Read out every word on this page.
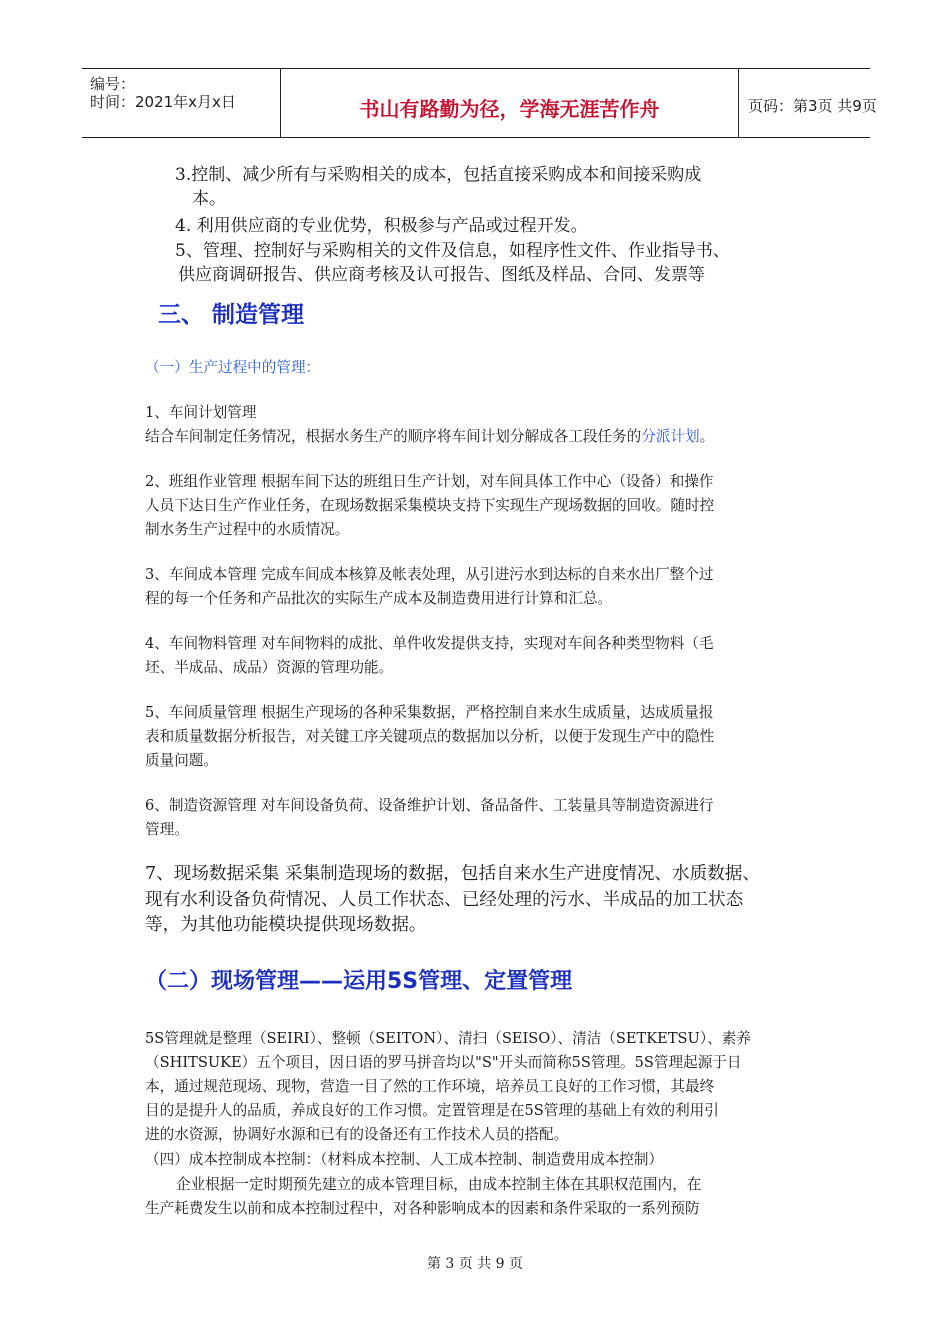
编号：
时间：2021年x月x日	书山有路勤为径，学海无涯苦作舟	页码：第3页 共9页
3.控制、减少所有与采购相关的成本，包括直接采购成本和间接采购成
本。
4. 利用供应商的专业优势，积极参与产品或过程开发。
5、管理、控制好与采购相关的文件及信息，如程序性文件、作业指导书、
供应商调研报告、供应商考核及认可报告、图纸及样品、合同、发票等
三、 制造管理
（一）生产过程中的管理：
1、车间计划管理
结合车间制定任务情况，根据水务生产的顺序将车间计划分解成各工段任务的分派计划。
2、班组作业管理 根据车间下达的班组日生产计划，对车间具体工作中心（设备）和操作
人员下达日生产作业任务，在现场数据采集模块支持下实现生产现场数据的回收。随时控
制水务生产过程中的水质情况。
3、车间成本管理 完成车间成本核算及帐表处理，从引进污水到达标的自来水出厂整个过
程的每一个任务和产品批次的实际生产成本及制造费用进行计算和汇总。
4、车间物料管理 对车间物料的成批、单件收发提供支持，实现对车间各种类型物料（毛
坯、半成品、成品）资源的管理功能。
5、车间质量管理 根据生产现场的各种采集数据，严格控制自来水生成质量，达成质量报
表和质量数据分析报告，对关键工序关键项点的数据加以分析，以便于发现生产中的隐性
质量问题。
6、制造资源管理 对车间设备负荷、设备维护计划、备品备件、工装量具等制造资源进行
管理。
7、现场数据采集 采集制造现场的数据，包括自来水生产进度情况、水质数据、
现有水利设备负荷情况、人员工作状态、已经处理的污水、半成品的加工状态
等，为其他功能模块提供现场数据。
（二）现场管理——运用5S管理、定置管理
5S管理就是整理（SEIRI）、整顿（SEITON）、清扫（SEISO）、清洁（SETKETSU）、素养
（SHITSUKE）五个项目，因日语的罗马拼音均以"S"开头而简称5S管理。5S管理起源于日
本，通过规范现场、现物，营造一目了然的工作环境，培养员工良好的工作习惯，其最终
目的是提升人的品质，养成良好的工作习惯。定置管理是在5S管理的基础上有效的利用引
进的水资源，协调好水源和已有的设备还有工作技术人员的搭配。
（四）成本控制成本控制：（材料成本控制、人工成本控制、制造费用成本控制）
企业根据一定时期预先建立的成本管理目标，由成本控制主体在其职权范围内，在
生产耗费发生以前和成本控制过程中，对各种影响成本的因素和条件采取的一系列预防
第 3 页 共 9 页
